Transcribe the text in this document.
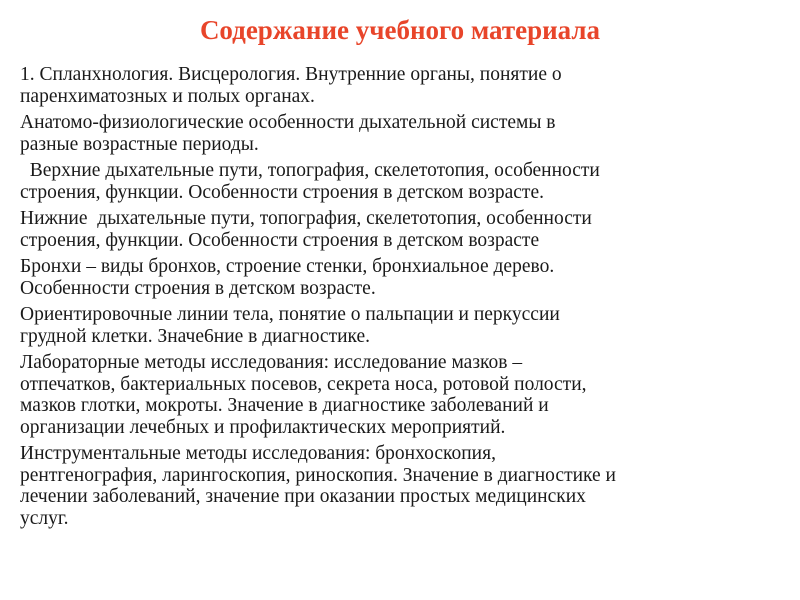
Содержание учебного материала
1. Спланхнология. Висцерология. Внутренние органы, понятие о
паренхиматозных и полых органах.
Анатомо-физиологические особенности дыхательной системы в
разные возрастные периоды.
Верхние дыхательные пути, топография, скелетотопия, особенности
строения, функции. Особенности строения в детском возрасте.
Нижние  дыхательные пути, топография, скелетотопия, особенности
строения, функции. Особенности строения в детском возрасте
Бронхи – виды бронхов, строение стенки, бронхиальное дерево.
Особенности строения в детском возрасте.
Ориентировочные линии тела, понятие о пальпации и перкуссии
грудной клетки. Значе6ние в диагностике.
Лабораторные методы исследования: исследование мазков –
отпечатков, бактериальных посевов, секрета носа, ротовой полости,
мазков глотки, мокроты. Значение в диагностике заболеваний и
организации лечебных и профилактических мероприятий.
Инструментальные методы исследования: бронхоскопия,
рентгенография, ларингоскопия, риноскопия. Значение в диагностике и
лечении заболеваний, значение при оказании простых медицинских
услуг.
